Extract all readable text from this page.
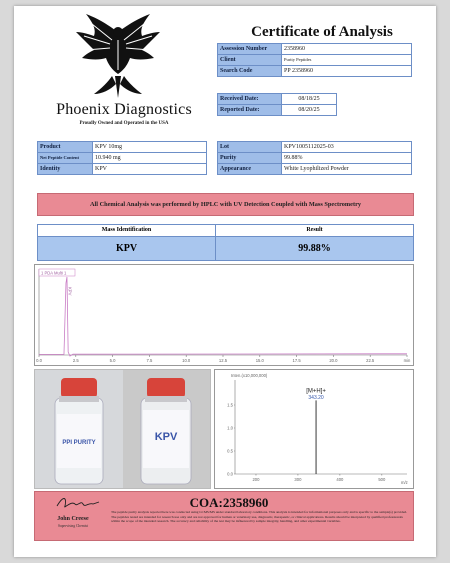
Phoenix Diagnostics
Proudly Owned and Operated in the USA
Certificate of Analysis
Assession Number	2358960
Client	Purity Peptides
Search Code	PP 2358960
Received Date:	08/18/25
Reported Date:	08/20/25
Product	KPV 10mg
Net Peptide Content	10.940 mg
Identity	KPV
Lot	KPV1005112025-03
Purity	99.88%
Appearance	White Lyophilized Powder
All Chemical Analysis was performed by HPLC with UV Detection Coupled with Mass Spectrometry
Mass Identification	Result
KPV	99.88%
0.0	2.5	5.0	7.5	10.0	12.5	15.0	17.5	20.0	22.5	min
1 PDA Multi 1
KPV
PPI PURITY	KPV
Inten.(x10,000,000)
0.0
0.5
1.0
1.5
200	300	400	500
[M+H]+
343.20
m/z
John Creese
Supervising Chemist
COA:2358960
The peptide purity analysis reported here was conducted using LCMS/MS under standard laboratory conditions. This analysis is intended for informational purposes only and is specific to the sample(s) provided. The peptides tested are intended for research use only and are not approved for human or veterinary use, diagnostic, therapeutic, or clinical applications. Results should be interpreted by qualified professionals within the scope of the intended research. The accuracy and reliability of the test may be influenced by sample integrity, handling, and other experimental variables.
